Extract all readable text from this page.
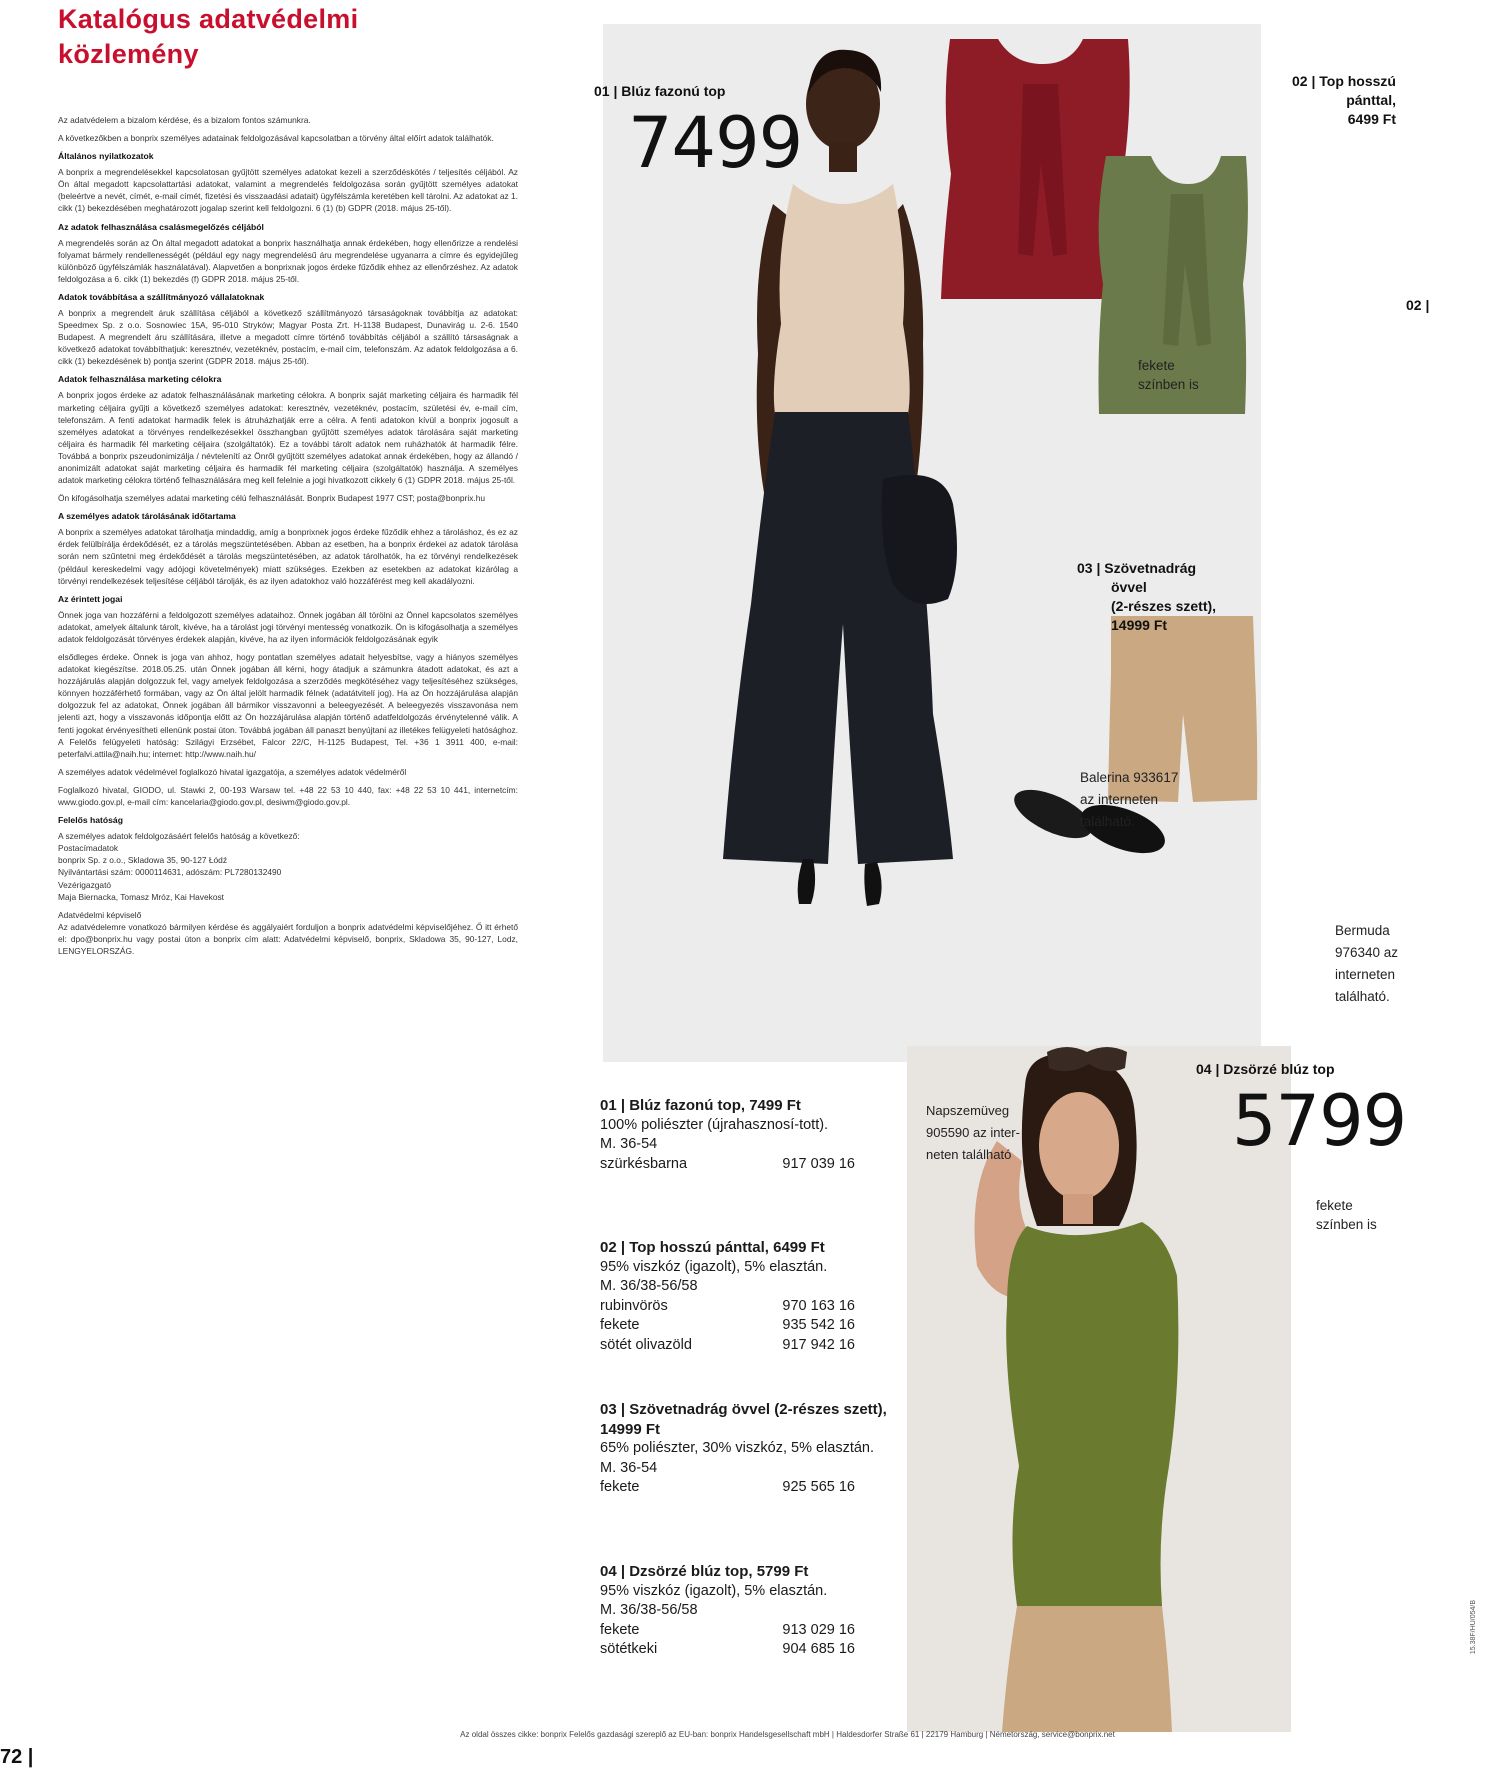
Katalógus adatvédelmi
közlemény

Az adatvédelem a bizalom kérdése, és a bizalom fontos számunkra.

A következőkben a bonprix személyes adatainak feldolgozásával kapcsolatban a törvény által előírt adatok találhatók.

Általános nyilatkozatok

A bonprix a megrendelésekkel kapcsolatosan gyűjtött személyes adatokat kezeli a szerződéskötés / teljesítés céljából. Az Ön által megadott kapcsolattartási adatokat, valamint a megrendelés feldolgozása során gyűjtött személyes adatokat (beleértve a nevét, címét, e-mail címét, fizetési és visszaadási adatait) ügyfélszámla keretében kell tárolni. Az adatokat az 1. cikk (1) bekezdésében meghatározott jogalap szerint kell feldolgozni. 6 (1) (b) GDPR (2018. május 25-től).

Az adatok felhasználása csalásmegelőzés céljából

A megrendelés során az Ön által megadott adatokat a bonprix használhatja annak érdekében, hogy ellenőrizze a rendelési folyamat bármely rendellenességét (például egy nagy megrendelésű áru megrendelése ugyanarra a címre és egyidejűleg különböző ügyfélszámlák használatával). Alapvetően a bonprixnak jogos érdeke fűződik ehhez az ellenőrzéshez. Az adatok feldolgozása a 6. cikk (1) bekezdés (f) GDPR 2018. május 25-től.

Adatok továbbítása a szállítmányozó vállalatoknak

A bonprix a megrendelt áruk szállítása céljából a következő szállítmányozó társaságoknak továbbítja az adatokat: Speedmex Sp. z o.o. Sosnowiec 15A, 95-010 Stryków; Magyar Posta Zrt. H-1138 Budapest, Dunavirág u. 2-6. 1540 Budapest. A megrendelt áru szállítására, illetve a megadott címre történő továbbítás céljából a szállító társaságnak a következő adatokat továbbíthatjuk: keresztnév, vezetéknév, postacím, e-mail cím, telefonszám. Az adatok feldolgozása a 6. cikk (1) bekezdésének b) pontja szerint (GDPR 2018. május 25-től).

Adatok felhasználása marketing célokra

A bonprix jogos érdeke az adatok felhasználásának marketing célokra. A bonprix saját marketing céljaira és harmadik fél marketing céljaira gyűjti a következő személyes adatokat: keresztnév, vezetéknév, postacím, születési év, e-mail cím, telefonszám. A fenti adatokat harmadik felek is átruházhatják erre a célra. A fenti adatokon kívül a bonprix jogosult a személyes adatokat a törvényes rendelkezésekkel összhangban gyűjtött személyes adatok tárolására saját marketing céljaira és harmadik fél marketing céljaira (szolgáltatók). Ez a további tárolt adatok nem ruházhatók át harmadik félre. Továbbá a bonprix pszeudonimizálja / névtelenítí az Önről gyűjtött személyes adatokat annak érdekében, hogy az állandó / anonimizált adatokat saját marketing céljaira és harmadik fél marketing céljaira (szolgáltatók) használja. A személyes adatok marketing célokra történő felhasználására meg kell felelnie a jogi hivatkozott cikkely 6 (1) GDPR 2018. május 25-től.

Ön kifogásolhatja személyes adatai marketing célú felhasználását. Bonprix Budapest 1977 CST; posta@bonprix.hu

A személyes adatok tárolásának időtartama

A bonprix a személyes adatokat tárolhatja mindaddig, amíg a bonprixnek jogos érdeke fűződik ehhez a tároláshoz, és ez az érdek felülbírálja érdekődését, ez a tárolás megszüntetésében. Abban az esetben, ha a bonprix érdekei az adatok tárolása során nem szűntetni meg érdekődését a tárolás megszüntetésében, az adatok tárolhatók, ha ez törvényi rendelkezések (például kereskedelmi vagy adójogi követelmények) miatt szükséges. Ezekben az esetekben az adatokat kizárólag a törvényi rendelkezések teljesítése céljából tárolják, és az ilyen adatokhoz való hozzáférést meg kell akadályozni.

Az érintett jogai

Önnek joga van hozzáférni a feldolgozott személyes adataihoz. Önnek jogában áll törölni az Önnel kapcsolatos személyes adatokat, amelyek általunk tárolt, kivéve, ha a tárolást jogi törvényi mentesség vonatkozik. Ön is kifogásolhatja a személyes adatok feldolgozását törvényes érdekek alapján, kivéve, ha az ilyen információk feldolgozásának egyik

elsődleges érdeke. Önnek is joga van ahhoz, hogy pontatlan személyes adatait helyesbítse, vagy a hiányos személyes adatokat kiegészítse. 2018.05.25. után Önnek jogában áll kérni, hogy átadjuk a számunkra átadott adatokat, és azt a hozzájárulás alapján dolgozzuk fel, vagy amelyek feldolgozása a szerződés megkötéséhez vagy teljesítéséhez szükséges, könnyen hozzáférhető formában, vagy az Ön által jelölt harmadik félnek (adatátvitelí jog). Ha az Ön hozzájárulása alapján dolgozzuk fel az adatokat, Önnek jogában áll bármikor visszavonni a beleegyezését. A beleegyezés visszavonása nem jelenti azt, hogy a visszavonás időpontja előtt az Ön hozzájárulása alapján történő adatfeldolgozás érvénytelenné válik. A fenti jogokat érvényesítheti ellenünk postai úton. Továbbá jogában áll panaszt benyújtani az illetékes felügyeleti hatósághoz. A Felelős felügyeleti hatóság: Szilágyi Erzsébet, Falcor 22/C, H-1125 Budapest, Tel. +36 1 3911 400, e-mail: peterfalvi.attila@naih.hu; internet: http://www.naih.hu/

A személyes adatok védelmével foglalkozó hivatal igazgatója, a személyes adatok védelméről

Foglalkozó hivatal, GIODO, ul. Stawki 2, 00-193 Warsaw tel. +48 22 53 10 440, fax: +48 22 53 10 441, internetcím: www.giodo.gov.pl, e-mail cím: kancelaria@giodo.gov.pl, desiwm@giodo.gov.pl.

Felelős hatóság

A személyes adatok feldolgozásáért felelős hatóság a következő:

Postacímadatok
bonprix Sp. z o.o., Skladowa 35, 90-127 Łódź
Nyilvántartási szám: 0000114631, adószám: PL7280132490
Vezérigazgató
Maja Biernacka, Tomasz Mróz, Kai Havekost
Adatvédelmi képviselő

Az adatvédelemre vonatkozó bármilyen kérdése és aggályaiért forduljon a bonprix adatvédelmi képviselőjéhez. Ő itt érhető el: dpo@bonprix.hu vagy postai úton a bonprix cím alatt: Adatvédelmi képviselő, bonprix, Skladowa 35, 90-127, Lodz, LENGYELORSZÁG.

01 | Blúz fazonú top
7499
02 | Top hosszú
pánttal,
6499 Ft
02 |
fekete
színben is
03 | Szövetnadrág
övvel
(2-részes szett),
14999 Ft
Balerina 933617
az interneten
található.
Bermuda
976340 az
interneten
található.
04 | Dzsörzé blúz top
5799
fekete
színben is
Napszemüveg
905590 az inter-
neten található
01 | Blúz fazonú top, 7499 Ft
100% poliészter (újrahasznosí-tott).
M. 36-54
szürkésbarna	917 039 16
02 | Top hosszú pánttal, 6499 Ft
95% viszkóz (igazolt), 5% elasztán.
M. 36/38-56/58
rubinvörös	970 163 16
fekete	935 542 16
sötét olivazöld	917 942 16
03 | Szövetnadrág övvel (2-részes szett), 14999 Ft
65% poliészter, 30% viszkóz, 5% elasztán.
M. 36-54
fekete	925 565 16
04 | Dzsörzé blúz top, 5799 Ft
95% viszkóz (igazolt), 5% elasztán.
M. 36/38-56/58
fekete	913 029 16
sötétkeki	904 685 16	15.38F/HU/054/B
Az oldal összes cikke: bonprix Felelős gazdasági szereplő az EU-ban: bonprix Handelsgesellschaft mbH | Haldesdorfer Straße 61 | 22179 Hamburg | Németország, service@bonprix.net
72 |
